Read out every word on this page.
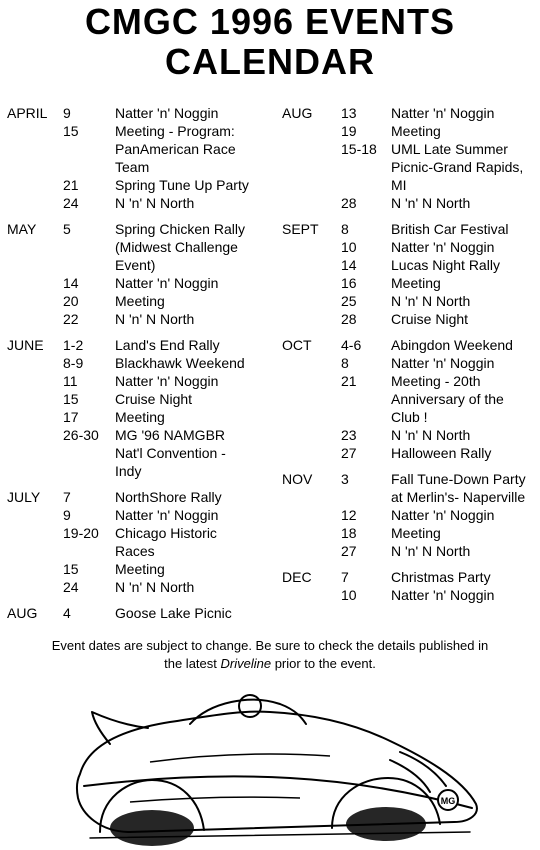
CMGC 1996 EVENTS
CALENDAR
APRIL	9	Natter 'n' Noggin
15	Meeting - Program:
PanAmerican Race
Team
21	Spring Tune Up Party
24	N 'n' N North
MAY	5	Spring Chicken Rally
(Midwest Challenge
Event)
14	Natter 'n' Noggin
20	Meeting
22	N 'n' N North
JUNE	1-2	Land's End Rally
8-9	Blackhawk Weekend
11	Natter 'n' Noggin
15	Cruise Night
17	Meeting
26-30	MG '96 NAMGBR
Nat'l Convention -
Indy
JULY	7	NorthShore Rally
9	Natter 'n' Noggin
19-20	Chicago Historic
Races
15	Meeting
24	N 'n' N North
AUG	4	Goose Lake Picnic
AUG	13	Natter 'n' Noggin
19	Meeting
15-18	UML Late Summer
Picnic-Grand Rapids,
MI
28	N 'n' N North
SEPT	8	British Car Festival
10	Natter 'n' Noggin
14	Lucas Night Rally
16	Meeting
25	N 'n' N North
28	Cruise Night
OCT	4-6	Abingdon Weekend
8	Natter 'n' Noggin
21	Meeting - 20th
Anniversary of the
Club !
23	N 'n' N North
27	Halloween Rally
NOV	3	Fall Tune-Down Party
at Merlin's- Naperville
12	Natter 'n' Noggin
18	Meeting
27	N 'n' N North
DEC	7	Christmas Party
10	Natter 'n' Noggin

Event dates are subject to change. Be sure to check the details published in
the latest Driveline prior to the event.

MG
